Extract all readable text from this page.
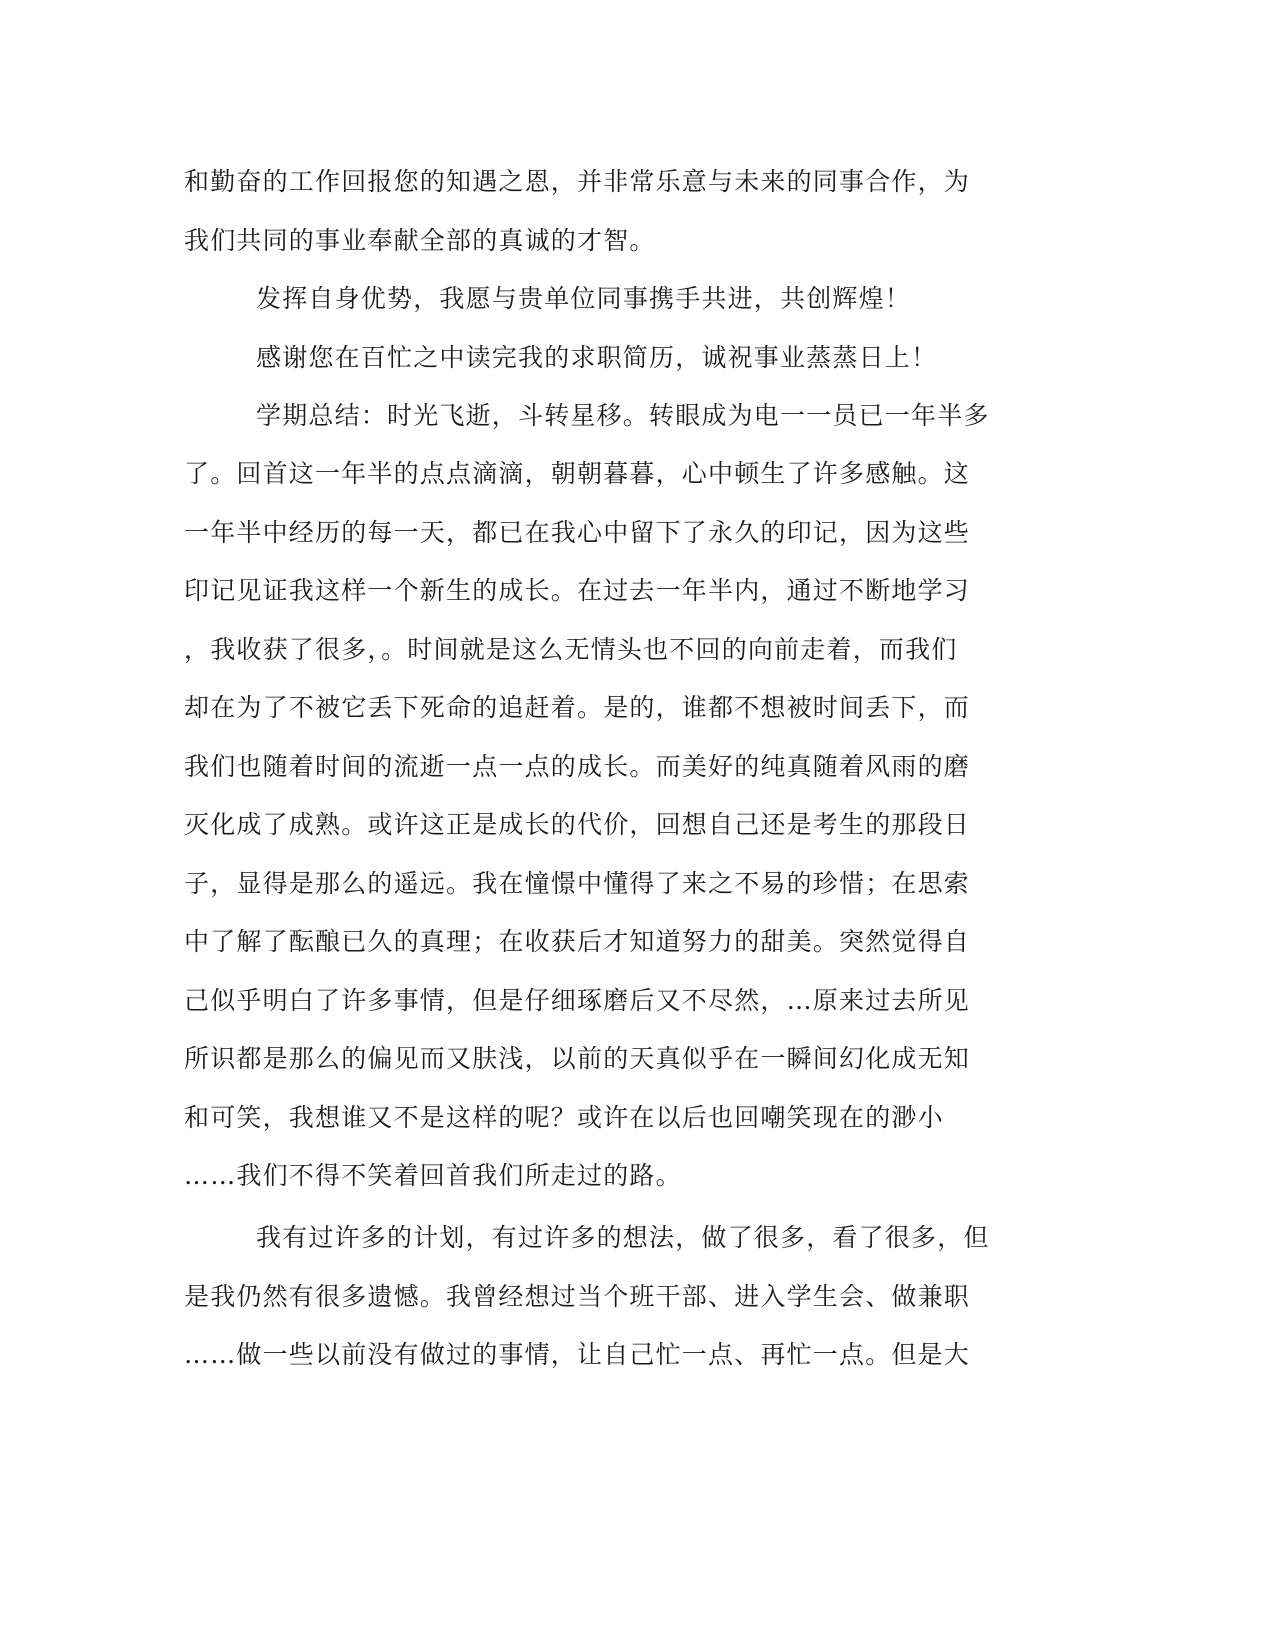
和勤奋的工作回报您的知遇之恩，并非常乐意与未来的同事合作，为
我们共同的事业奉献全部的真诚的才智。
发挥自身优势，我愿与贵单位同事携手共进，共创辉煌！
感谢您在百忙之中读完我的求职简历，诚祝事业蒸蒸日上！
学期总结：时光飞逝，斗转星移。转眼成为电一一员已一年半多
了。回首这一年半的点点滴滴，朝朝暮暮，心中顿生了许多感触。这
一年半中经历的每一天，都已在我心中留下了永久的印记，因为这些
印记见证我这样一个新生的成长。在过去一年半内，通过不断地学习
，我收获了很多，。时间就是这么无情头也不回的向前走着，而我们
却在为了不被它丢下死命的追赶着。是的，谁都不想被时间丢下，而
我们也随着时间的流逝一点一点的成长。而美好的纯真随着风雨的磨
灭化成了成熟。或许这正是成长的代价，回想自己还是考生的那段日
子，显得是那么的遥远。我在憧憬中懂得了来之不易的珍惜；在思索
中了解了酝酿已久的真理；在收获后才知道努力的甜美。突然觉得自
己似乎明白了许多事情，但是仔细琢磨后又不尽然，…原来过去所见
所识都是那么的偏见而又肤浅，以前的天真似乎在一瞬间幻化成无知
和可笑，我想谁又不是这样的呢？或许在以后也回嘲笑现在的渺小
……我们不得不笑着回首我们所走过的路。
我有过许多的计划，有过许多的想法，做了很多，看了很多，但
是我仍然有很多遗憾。我曾经想过当个班干部、进入学生会、做兼职
……做一些以前没有做过的事情，让自己忙一点、再忙一点。但是大
